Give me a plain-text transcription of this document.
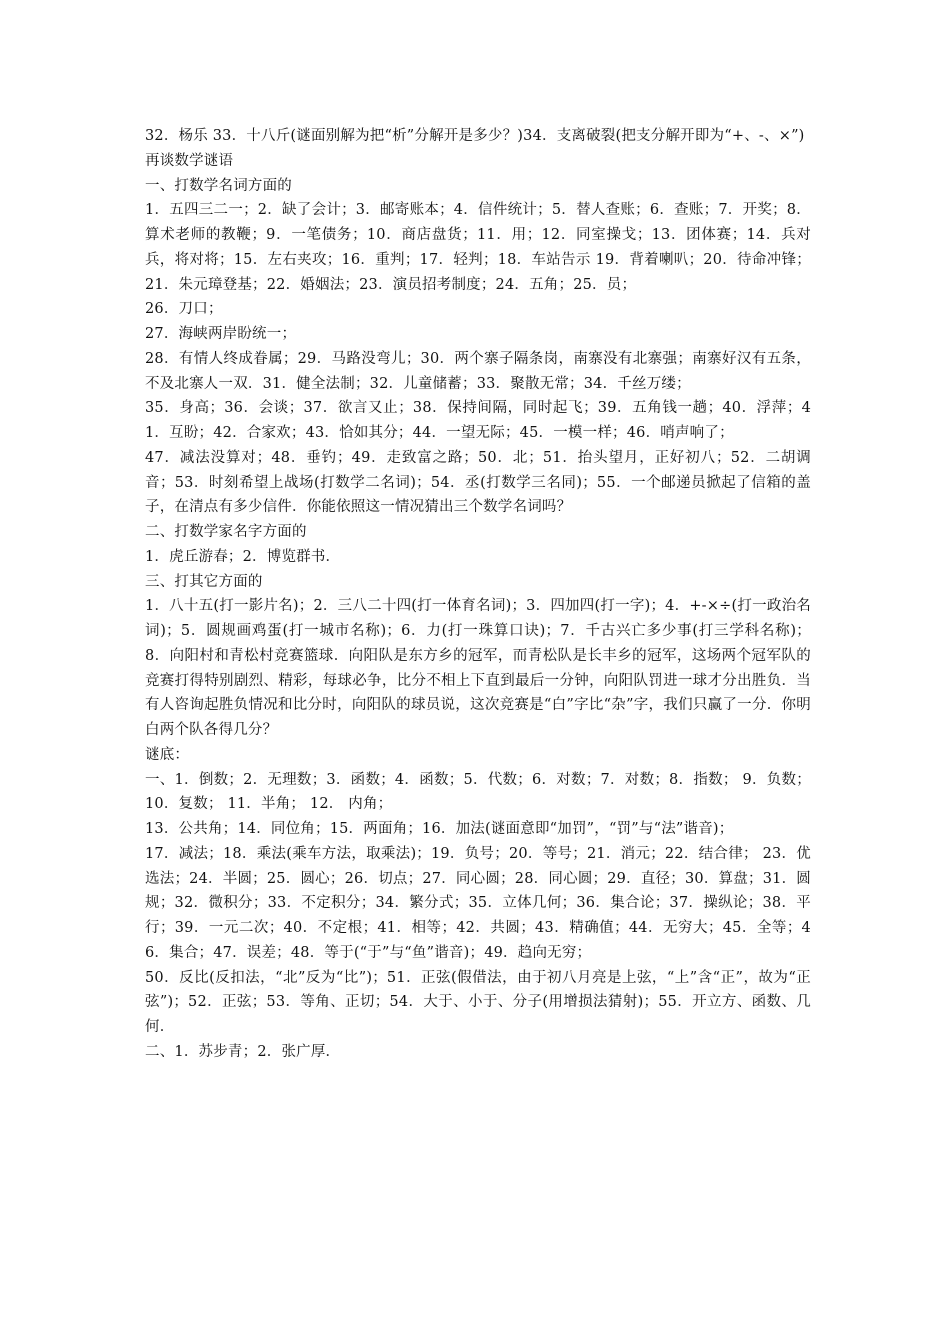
32．杨乐 33．十八斤(谜面别解为把“析”分解开是多少？)34．支离破裂(把支分解开即为“+、-、×”)

再谈数学谜语

一、打数学名词方面的

1．五四三二一；2．缺了会计；3．邮寄账本；4．信件统计；5．替人查账；6．查账；7．开奖；8．算术老师的教鞭；9．一笔债务；10．商店盘货；11．用；12．同室操戈；13．团体赛；14．兵对兵，将对将；15．左右夹攻；16．重判；17．轻判；18．车站告示 19．背着喇叭；20．待命冲锋；21．朱元璋登基；22．婚姻法；23．演员招考制度；24．五角；25．员；

26．刀口；

27．海峡两岸盼统一；

28．有情人终成眷属；29．马路没弯儿；30．两个寨子隔条岗，南寨没有北寨强；南寨好汉有五条，不及北寨人一双．31．健全法制；32．儿童储蓄；33．聚散无常；34．千丝万缕；

35．身高；36．会谈；37．欲言又止；38．保持间隔，同时起飞；39．五角钱一趟；40．浮萍；41．互盼；42．合家欢；43．恰如其分；44．一望无际；45．一模一样；46．哨声响了；

47．减法没算对；48．垂钓；49．走致富之路；50．北；51．抬头望月，正好初八；52．二胡调音；53．时刻希望上战场(打数学二名词)；54．丞(打数学三名同)；55．一个邮递员掀起了信箱的盖子，在清点有多少信件．你能依照这一情况猜出三个数学名词吗？

二、打数学家名字方面的

1．虎丘游春；2．博览群书．

三、打其它方面的

1．八十五(打一影片名)；2．三八二十四(打一体育名词)；3．四加四(打一字)；4．+-×÷(打一政治名词)；5．圆规画鸡蛋(打一城市名称)；6．力(打一珠算口诀)；7．千古兴亡多少事(打三学科名称)；8．向阳村和青松村竞赛篮球．向阳队是东方乡的冠军，而青松队是长丰乡的冠军，这场两个冠军队的竞赛打得特别剧烈、精彩，每球必争，比分不相上下直到最后一分钟，向阳队罚进一球才分出胜负．当有人咨询起胜负情况和比分时，向阳队的球员说，这次竞赛是“白”字比“杂”字，我们只赢了一分．你明白两个队各得几分？

谜底：

一、1．倒数；2．无理数；3．函数；4．函数；5．代数；6．对数；7．对数；8．指数； 9．负数；10．复数； 11．半角； 12． 内角；

13．公共角；14．同位角；15．两面角；16．加法(谜面意即“加罚”，“罚”与“法”谐音)；

17．减法；18．乘法(乘车方法，取乘法)；19．负号；20．等号；21．消元；22．结合律； 23．优选法；24．半圆；25．圆心；26．切点；27．同心圆；28．同心圆；29．直径；30．算盘；31．圆规；32．微积分；33．不定积分；34．繁分式；35．立体几何；36．集合论；37．操纵论；38．平行；39．一元二次；40．不定根；41．相等；42．共圆；43．精确值；44．无穷大；45．全等；46．集合；47．误差；48．等于(“于”与“鱼”谐音)；49．趋向无穷；

50．反比(反扣法，“北”反为“比”)；51．正弦(假借法，由于初八月亮是上弦，“上”含“正”，故为“正弦”)；52．正弦；53．等角、正切；54．大于、小于、分子(用增损法猜射)；55．开立方、函数、几何．

二、1．苏步青；2．张广厚．
